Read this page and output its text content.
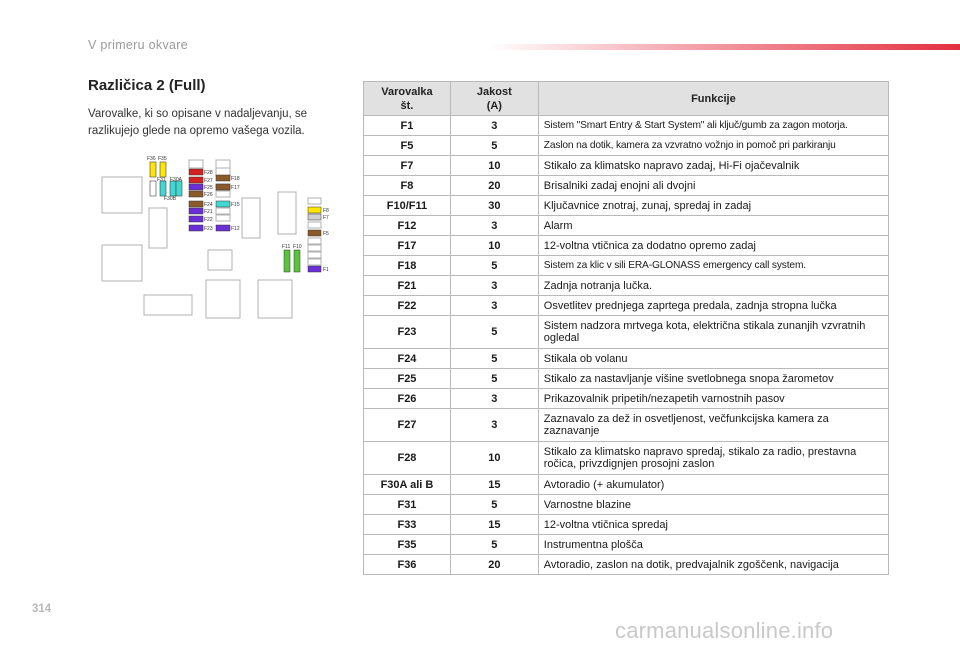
V primeru okvare
Različica 2 (Full)
Varovalke, ki so opisane v nadaljevanju, se razlikujejo glede na opremo vašega vozila.
F36 F35
F31 F30A
F30B
F28
F27
F25
F26
F24
F21
F22
F23
F18
F17
F15
F12
F8
F7
F5
F1
F11 F10
Varovalka št.	Jakost (A)	Funkcije
F1	3	Sistem "Smart Entry & Start System" ali ključ/gumb za zagon motorja.
F5	5	Zaslon na dotik, kamera za vzvratno vožnjo in pomoč pri parkiranju
F7	10	Stikalo za klimatsko napravo zadaj, Hi-Fi ojačevalnik
F8	20	Brisalniki zadaj enojni ali dvojni
F10/F11	30	Ključavnice znotraj, zunaj, spredaj in zadaj
F12	3	Alarm
F17	10	12-voltna vtičnica za dodatno opremo zadaj
F18	5	Sistem za klic v sili ERA-GLONASS emergency call system.
F21	3	Zadnja notranja lučka.
F22	3	Osvetlitev prednjega zaprtega predala, zadnja stropna lučka
F23	5	Sistem nadzora mrtvega kota, električna stikala zunanjih vzvratnih ogledal
F24	5	Stikala ob volanu
F25	5	Stikalo za nastavljanje višine svetlobnega snopa žarometov
F26	3	Prikazovalnik pripetih/nezapetih varnostnih pasov
F27	3	Zaznavalo za dež in osvetljenost, večfunkcijska kamera za zaznavanje
F28	10	Stikalo za klimatsko napravo spredaj, stikalo za radio, prestavna ročica, privzdignjen prosojni zaslon
F30A ali B	15	Avtoradio (+ akumulator)
F31	5	Varnostne blazine
F33	15	12-voltna vtičnica spredaj
F35	5	Instrumentna plošča
F36	20	Avtoradio, zaslon na dotik, predvajalnik zgoščenk, navigacija
314
carmanualsonline.info
